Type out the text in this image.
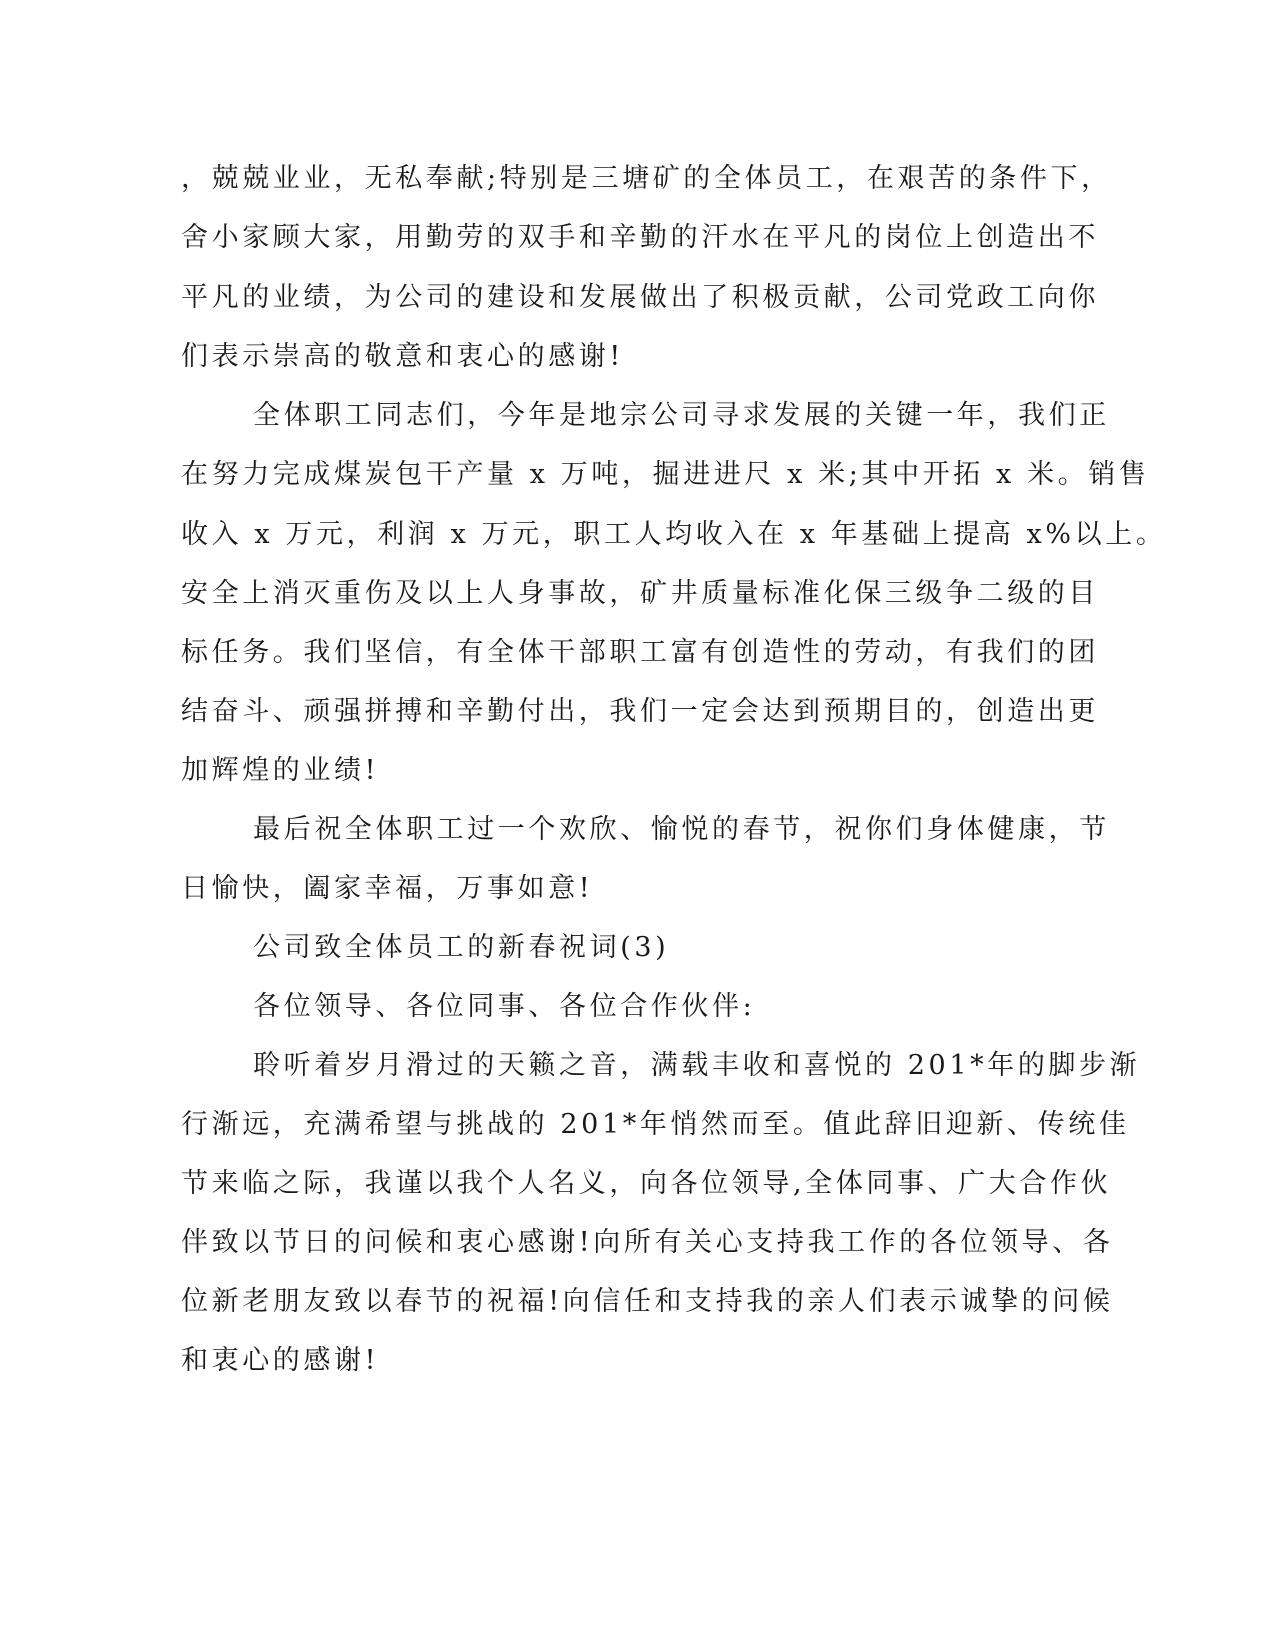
，兢兢业业，无私奉献;特别是三塘矿的全体员工，在艰苦的条件下，
舍小家顾大家，用勤劳的双手和辛勤的汗水在平凡的岗位上创造出不
平凡的业绩，为公司的建设和发展做出了积极贡献，公司党政工向你
们表示崇高的敬意和衷心的感谢!
全体职工同志们，今年是地宗公司寻求发展的关键一年，我们正
在努力完成煤炭包干产量 x 万吨，掘进进尺 x 米;其中开拓 x 米。销售
收入 x 万元，利润 x 万元，职工人均收入在 x 年基础上提高 x%以上。
安全上消灭重伤及以上人身事故，矿井质量标准化保三级争二级的目
标任务。我们坚信，有全体干部职工富有创造性的劳动，有我们的团
结奋斗、顽强拼搏和辛勤付出，我们一定会达到预期目的，创造出更
加辉煌的业绩!
最后祝全体职工过一个欢欣、愉悦的春节，祝你们身体健康，节
日愉快，阖家幸福，万事如意!
公司致全体员工的新春祝词(3)
各位领导、各位同事、各位合作伙伴:
聆听着岁月滑过的天籁之音，满载丰收和喜悦的 201*年的脚步渐
行渐远，充满希望与挑战的 201*年悄然而至。值此辞旧迎新、传统佳
节来临之际，我谨以我个人名义，向各位领导,全体同事、广大合作伙
伴致以节日的问候和衷心感谢!向所有关心支持我工作的各位领导、各
位新老朋友致以春节的祝福!向信任和支持我的亲人们表示诚挚的问候
和衷心的感谢!
